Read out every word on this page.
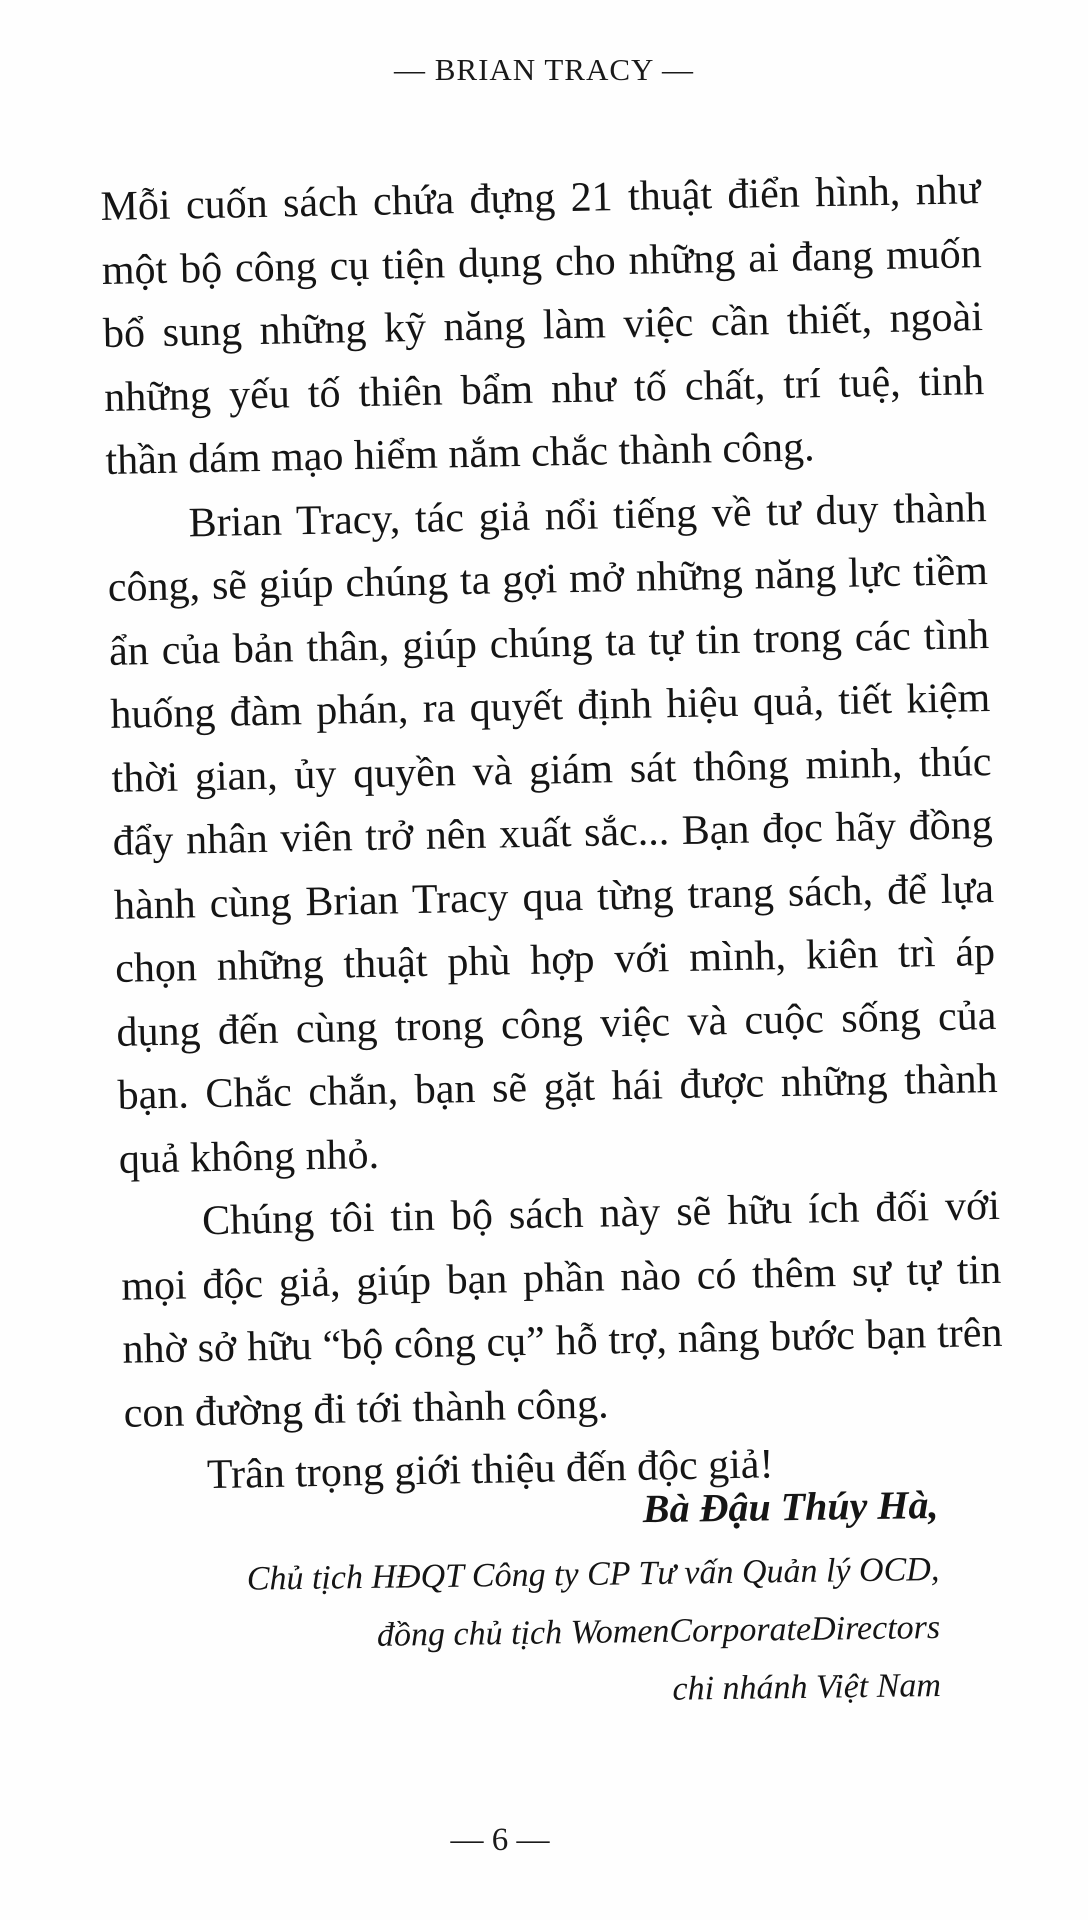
— BRIAN TRACY —

Mỗi cuốn sách chứa đựng 21 thuật điển hình, như một bộ công cụ tiện dụng cho những ai đang muốn bổ sung những kỹ năng làm việc cần thiết, ngoài những yếu tố thiên bẩm như tố chất, trí tuệ, tinh thần dám mạo hiểm nắm chắc thành công.

Brian Tracy, tác giả nổi tiếng về tư duy thành công, sẽ giúp chúng ta gợi mở những năng lực tiềm ẩn của bản thân, giúp chúng ta tự tin trong các tình huống đàm phán, ra quyết định hiệu quả, tiết kiệm thời gian, ủy quyền và giám sát thông minh, thúc đẩy nhân viên trở nên xuất sắc... Bạn đọc hãy đồng hành cùng Brian Tracy qua từng trang sách, để lựa chọn những thuật phù hợp với mình, kiên trì áp dụng đến cùng trong công việc và cuộc sống của bạn. Chắc chắn, bạn sẽ gặt hái được những thành quả không nhỏ.

Chúng tôi tin bộ sách này sẽ hữu ích đối với mọi độc giả, giúp bạn phần nào có thêm sự tự tin nhờ sở hữu “bộ công cụ” hỗ trợ, nâng bước bạn trên con đường đi tới thành công.

Trân trọng giới thiệu đến độc giả!

Bà Đậu Thúy Hà,
Chủ tịch HĐQT Công ty CP Tư vấn Quản lý OCD,
đồng chủ tịch WomenCorporateDirectors
chi nhánh Việt Nam
— 6 —
